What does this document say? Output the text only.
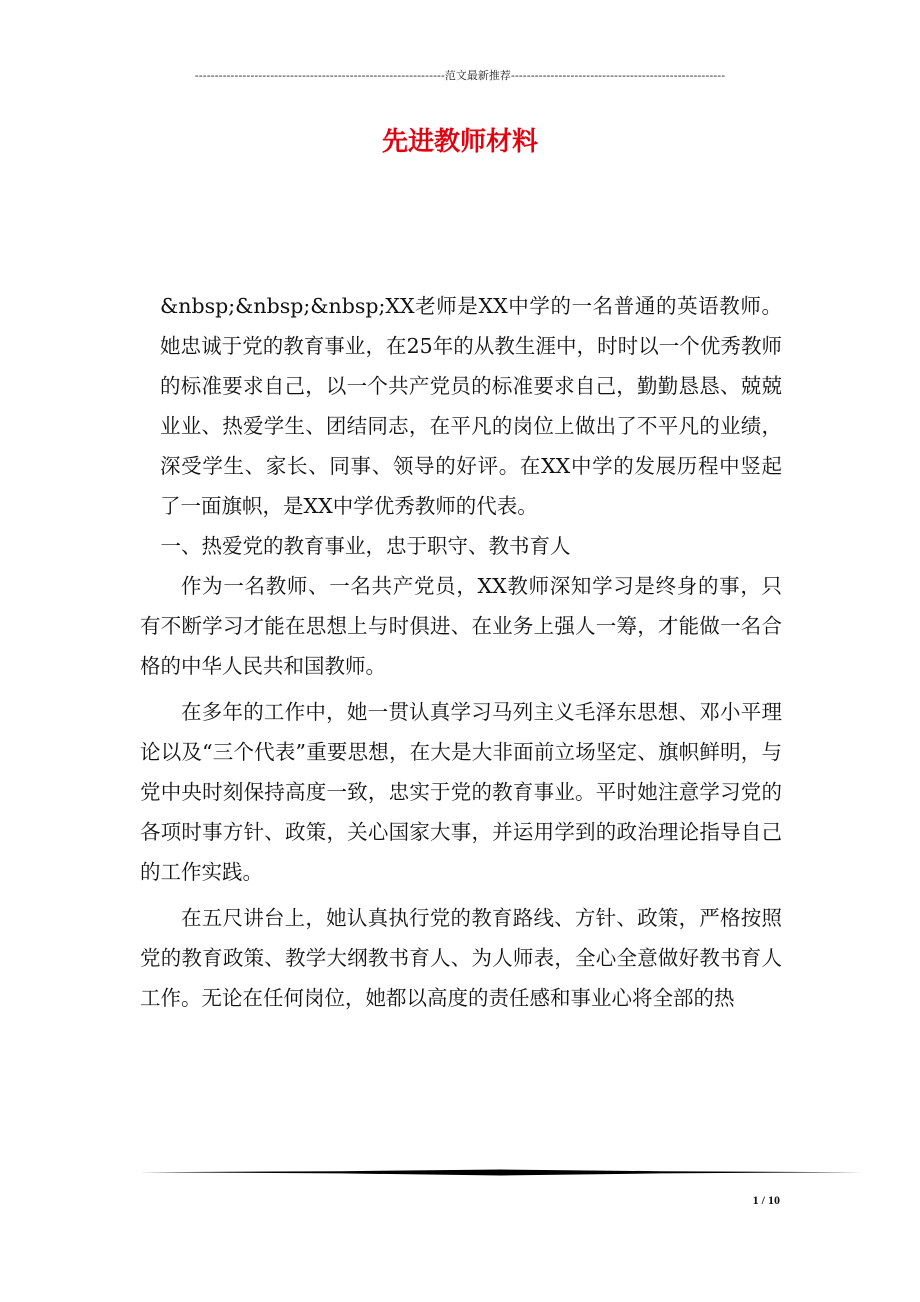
---------------------------------------------------------------范文最新推荐------------------------------------------------------
先进教师材料

&nbsp;&nbsp;&nbsp;XX老师是XX中学的一名普通的英语教师。她忠诚于党的教育事业，在25年的从教生涯中，时时以一个优秀教师的标准要求自己，以一个共产党员的标准要求自己，勤勤恳恳、兢兢业业、热爱学生、团结同志，在平凡的岗位上做出了不平凡的业绩，深受学生、家长、同事、领导的好评。在XX中学的发展历程中竖起了一面旗帜，是XX中学优秀教师的代表。

一、热爱党的教育事业，忠于职守、教书育人

作为一名教师、一名共产党员，XX教师深知学习是终身的事，只有不断学习才能在思想上与时俱进、在业务上强人一筹，才能做一名合格的中华人民共和国教师。

在多年的工作中，她一贯认真学习马列主义毛泽东思想、邓小平理论以及“三个代表”重要思想，在大是大非面前立场坚定、旗帜鲜明，与党中央时刻保持高度一致，忠实于党的教育事业。平时她注意学习党的各项时事方针、政策，关心国家大事，并运用学到的政治理论指导自己的工作实践。

在五尺讲台上，她认真执行党的教育路线、方针、政策，严格按照党的教育政策、教学大纲教书育人、为人师表，全心全意做好教书育人工作。无论在任何岗位，她都以高度的责任感和事业心将全部的热

1 / 10
